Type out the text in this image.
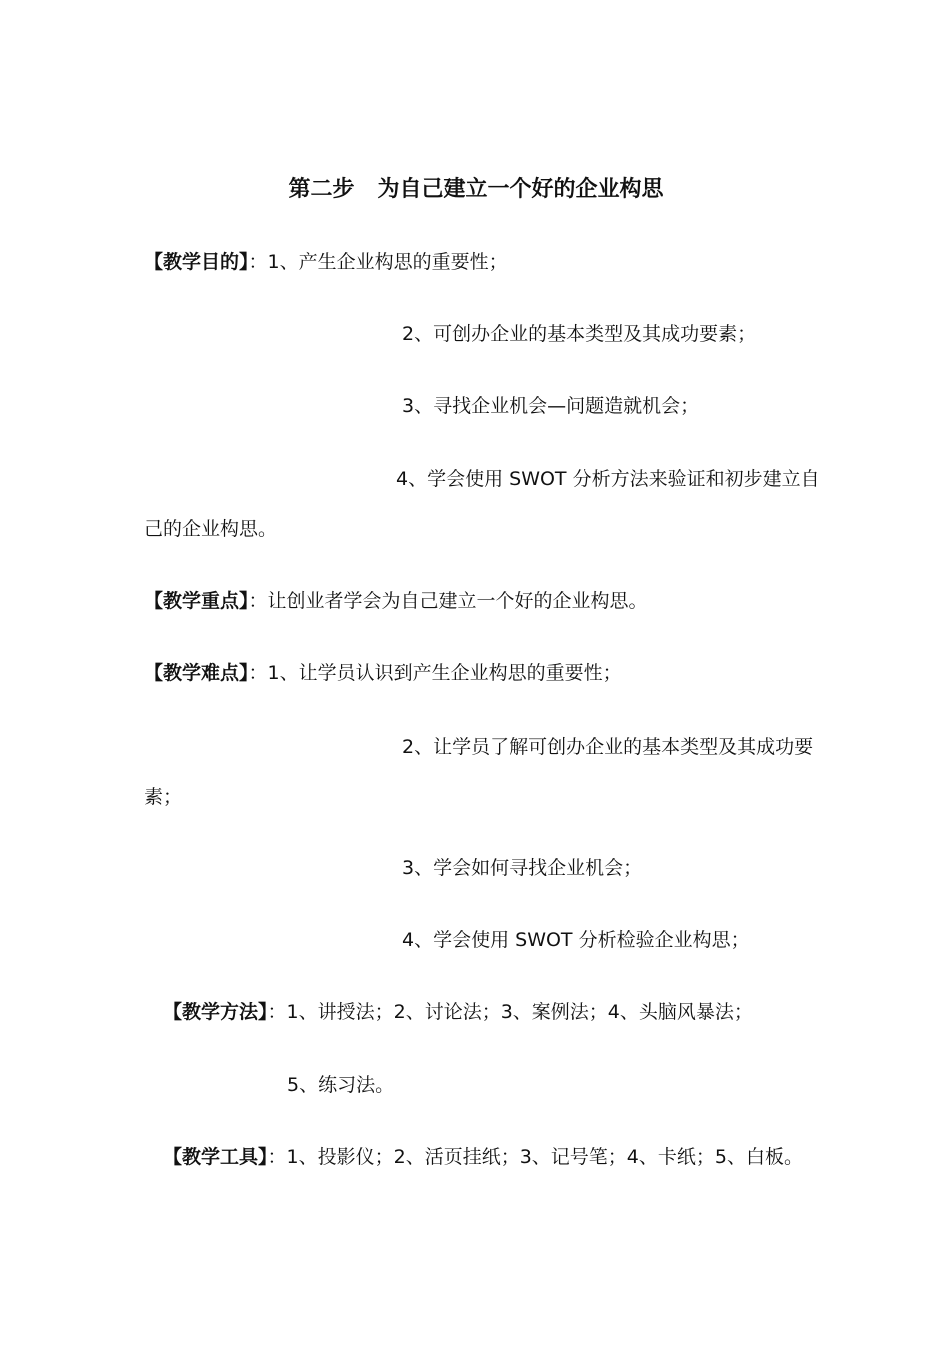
第二步   为自己建立一个好的企业构思
【教学目的】：1、产生企业构思的重要性；
2、可创办企业的基本类型及其成功要素；
3、寻找企业机会—问题造就机会；
4、学会使用 SWOT 分析方法来验证和初步建立自
己的企业构思。
【教学重点】：让创业者学会为自己建立一个好的企业构思。
【教学难点】：1、让学员认识到产生企业构思的重要性；
2、让学员了解可创办企业的基本类型及其成功要
素；
3、学会如何寻找企业机会；
4、学会使用 SWOT 分析检验企业构思；
【教学方法】：1、讲授法；2、讨论法；3、案例法；4、头脑风暴法；
5、练习法。
【教学工具】：1、投影仪；2、活页挂纸；3、记号笔；4、卡纸；5、白板。
